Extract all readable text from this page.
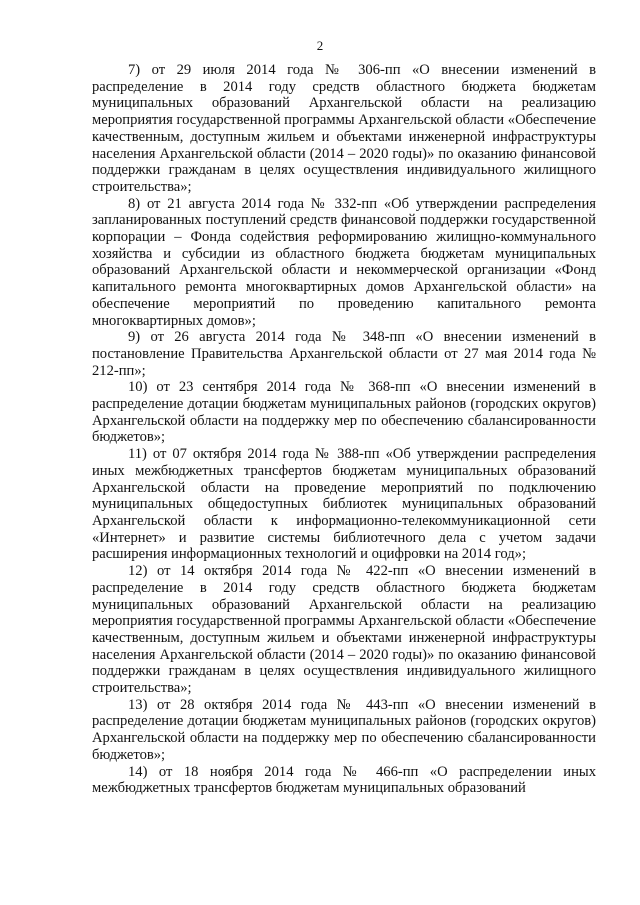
2

7) от 29 июля 2014 года № 306-пп «О внесении изменений в распределение в 2014 году средств областного бюджета бюджетам муниципальных образований Архангельской области на реализацию мероприятия государственной программы Архангельской области «Обеспечение качественным, доступным жильем и объектами инженерной инфраструктуры населения Архангельской области (2014 – 2020 годы)» по оказанию финансовой поддержки гражданам в целях осуществления индивидуального жилищного строительства»;

8) от 21 августа 2014 года № 332-пп «Об утверждении распределения запланированных поступлений средств финансовой поддержки государственной корпорации – Фонда содействия реформированию жилищно-коммунального хозяйства и субсидии из областного бюджета бюджетам муниципальных образований Архангельской области и некоммерческой организации «Фонд капитального ремонта многоквартирных домов Архангельской области» на обеспечение мероприятий по проведению капитального ремонта многоквартирных домов»;

9) от 26 августа 2014 года № 348-пп «О внесении изменений в постановление Правительства Архангельской области от 27 мая 2014 года № 212-пп»;

10) от 23 сентября 2014 года № 368-пп «О внесении изменений в распределение дотации бюджетам муниципальных районов (городских округов) Архангельской области на поддержку мер по обеспечению сбалансированности бюджетов»;

11) от 07 октября 2014 года № 388-пп «Об утверждении распределения иных межбюджетных трансфертов бюджетам муниципальных образований Архангельской области на проведение мероприятий по подключению муниципальных общедоступных библиотек муниципальных образований Архангельской области к информационно-телекоммуникационной сети «Интернет» и развитие системы библиотечного дела с учетом задачи расширения информационных технологий и оцифровки на 2014 год»;

12) от 14 октября 2014 года № 422-пп «О внесении изменений в распределение в 2014 году средств областного бюджета бюджетам муниципальных образований Архангельской области на реализацию мероприятия государственной программы Архангельской области «Обеспечение качественным, доступным жильем и объектами инженерной инфраструктуры населения Архангельской области (2014 – 2020 годы)» по оказанию финансовой поддержки гражданам в целях осуществления индивидуального жилищного строительства»;

13) от 28 октября 2014 года № 443-пп «О внесении изменений в распределение дотации бюджетам муниципальных районов (городских округов) Архангельской области на поддержку мер по обеспечению сбалансированности бюджетов»;

14) от 18 ноября 2014 года № 466-пп «О распределении иных межбюджетных трансфертов бюджетам муниципальных образований
